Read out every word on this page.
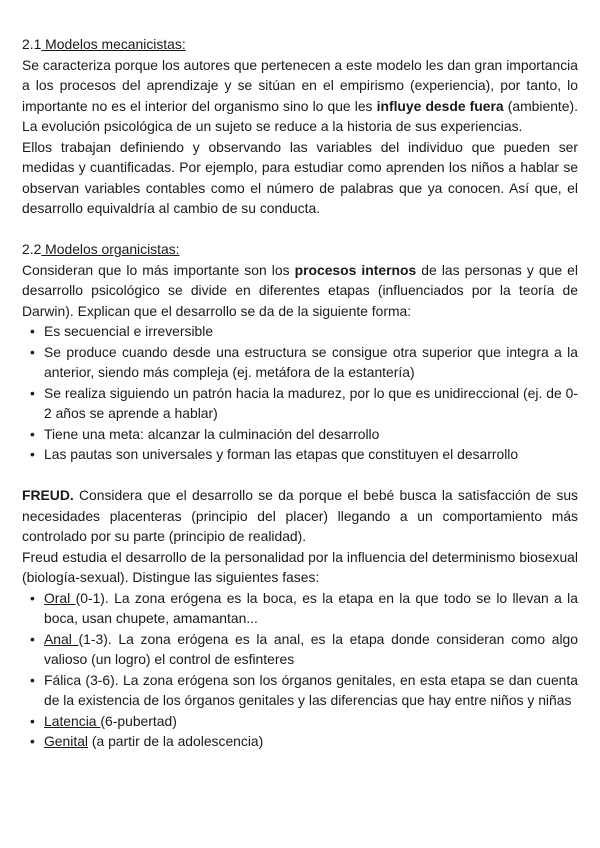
2.1 Modelos mecanicistas:

Se caracteriza porque los autores que pertenecen a este modelo les dan gran importancia a los procesos del aprendizaje y se sitúan en el empirismo (experiencia), por tanto, lo importante no es el interior del organismo sino lo que les influye desde fuera (ambiente). La evolución psicológica de un sujeto se reduce a la historia de sus experiencias.

Ellos trabajan definiendo y observando las variables del individuo que pueden ser medidas y cuantificadas. Por ejemplo, para estudiar como aprenden los niños a hablar se observan variables contables como el número de palabras que ya conocen. Así que, el desarrollo equivaldría al cambio de su conducta.

2.2 Modelos organicistas:

Consideran que lo más importante son los procesos internos de las personas y que el desarrollo psicológico se divide en diferentes etapas (influenciados por la teoría de Darwin). Explican que el desarrollo se da de la siguiente forma:

• Es secuencial e irreversible
• Se produce cuando desde una estructura se consigue otra superior que integra a la anterior, siendo más compleja (ej. metáfora de la estantería)
• Se realiza siguiendo un patrón hacia la madurez, por lo que es unidireccional (ej. de 0-2 años se aprende a hablar)
• Tiene una meta: alcanzar la culminación del desarrollo
• Las pautas son universales y forman las etapas que constituyen el desarrollo

FREUD. Considera que el desarrollo se da porque el bebé busca la satisfacción de sus necesidades placenteras (principio del placer) llegando a un comportamiento más controlado por su parte (principio de realidad).

Freud estudia el desarrollo de la personalidad por la influencia del determinismo biosexual (biología-sexual). Distingue las siguientes fases:

• Oral (0-1). La zona erógena es la boca, es la etapa en la que todo se lo llevan a la boca, usan chupete, amamantan...
• Anal (1-3). La zona erógena es la anal, es la etapa donde consideran como algo valioso (un logro) el control de esfinteres
• Fálica (3-6). La zona erógena son los órganos genitales, en esta etapa se dan cuenta de la existencia de los órganos genitales y las diferencias que hay entre niños y niñas
• Latencia (6-pubertad)
• Genital (a partir de la adolescencia)
